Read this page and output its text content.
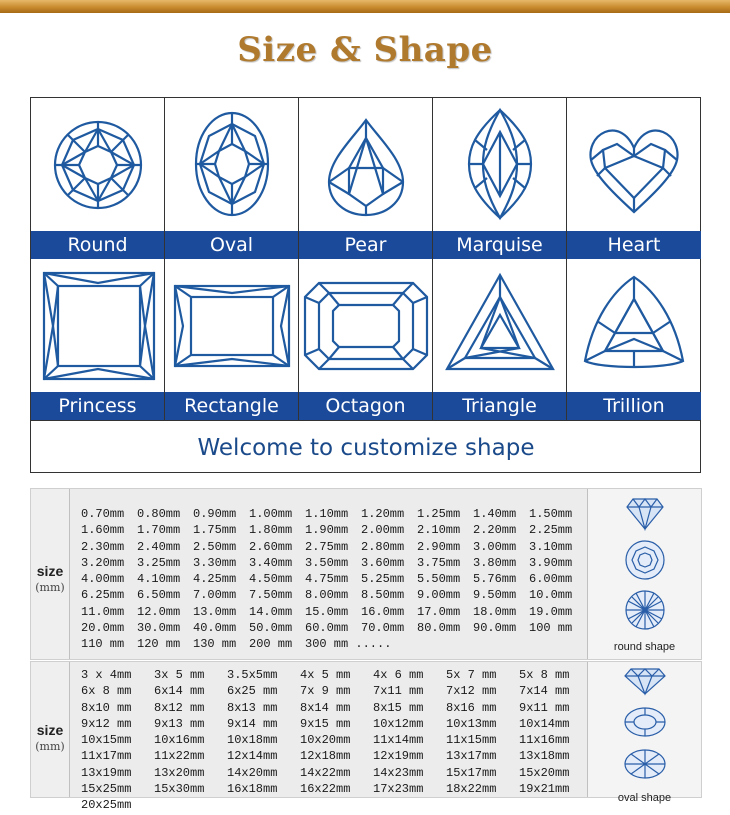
Size & Shape
Round	Oval	Pear	Marquise	Heart
Princess	Rectangle	Octagon	Triangle	Trillion
Welcome to customize shape
size
(mm)
0.70mm 0.80mm 0.90mm 1.00mm 1.10mm 1.20mm 1.25mm 1.40mm 1.50mm
1.60mm 1.70mm 1.75mm 1.80mm 1.90mm 2.00mm 2.10mm 2.20mm 2.25mm
2.30mm 2.40mm 2.50mm 2.60mm 2.75mm 2.80mm 2.90mm 3.00mm 3.10mm
3.20mm 3.25mm 3.30mm 3.40mm 3.50mm 3.60mm 3.75mm 3.80mm 3.90mm
4.00mm 4.10mm 4.25mm 4.50mm 4.75mm 5.25mm 5.50mm 5.76mm 6.00mm
6.25mm 6.50mm 7.00mm 7.50mm 8.00mm 8.50mm 9.00mm 9.50mm 10.0mm
11.0mm 12.0mm 13.0mm 14.0mm 15.0mm 16.0mm 17.0mm 18.0mm 19.0mm
20.0mm 30.0mm 40.0mm 50.0mm 60.0mm 70.0mm 80.0mm 90.0mm 100 mm
110 mm 120 mm 130 mm 200 mm 300 mm .....	round shape
size
(mm)
3 x 4mm 3x 5 mm 3.5x5mm 4x 5 mm 4x 6 mm 5x 7 mm 5x 8 mm
6x 8 mm 6x14 mm 6x25 mm 7x 9 mm 7x11 mm 7x12 mm 7x14 mm
8x10 mm 8x12 mm 8x13 mm 8x14 mm 8x15 mm 8x16 mm 9x11 mm
9x12 mm 9x13 mm 9x14 mm 9x15 mm 10x12mm 10x13mm 10x14mm
10x15mm 10x16mm 10x18mm 10x20mm 11x14mm 11x15mm 11x16mm
11x17mm 11x22mm 12x14mm 12x18mm 12x19mm 13x17mm 13x18mm
13x19mm 13x20mm 14x20mm 14x22mm 14x23mm 15x17mm 15x20mm
15x25mm 15x30mm 16x18mm 16x22mm 17x23mm 18x22mm 19x21mm
20x25mm
oval shape
